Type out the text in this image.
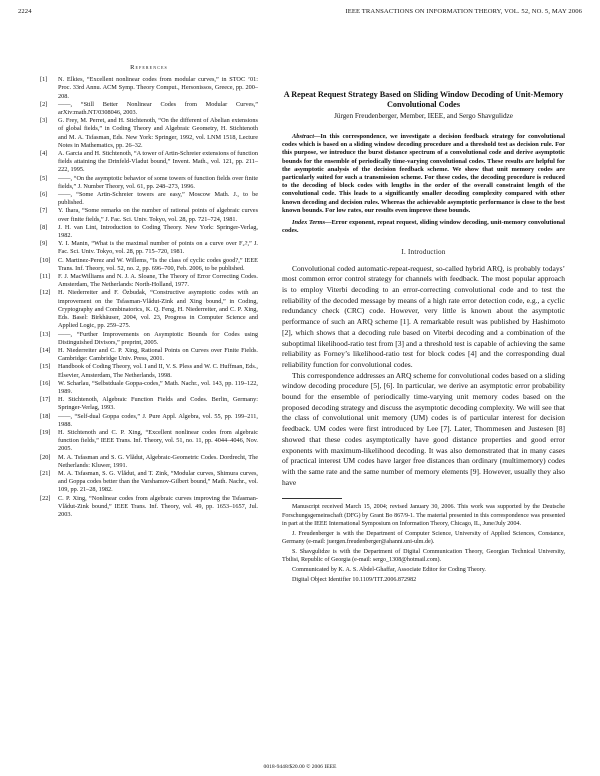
2224	IEEE TRANSACTIONS ON INFORMATION THEORY, VOL. 52, NO. 5, MAY 2006
References

[1] N. Elkies, “Excellent nonlinear codes from modular curves,” in STOC ’01: Proc. 33rd Annu. ACM Symp. Theory Comput., Hersonissos, Greece, pp. 200–208.

[2] ——, “Still Better Nonlinear Codes from Modular Curves,” arXiv:math.NT/0308046, 2003.

[3] G. Frey, M. Perret, and H. Stichtenoth, “On the different of Abelian extensions of global fields,” in Coding Theory and Algebraic Geometry, H. Stichtenoth and M. A. Tsfasman, Eds. New York: Springer, 1992, vol. LNM 1518, Lecture Notes in Mathematics, pp. 26–32.

[4] A. Garcia and H. Stichtenoth, “A tower of Artin-Schreier extensions of function fields attaining the Drinfeld-Vladut bound,” Invent. Math., vol. 121, pp. 211–222, 1995.

[5] ——, “On the asymptotic behavior of some towers of function fields over finite fields,” J. Number Theory, vol. 61, pp. 248–273, 1996.

[6] ——, “Some Artin-Schreier towers are easy,” Moscow Math. J., to be published.

[7] Y. Ihara, “Some remarks on the number of rational points of algebraic curves over finite fields,” J. Fac. Sci. Univ. Tokyo, vol. 28, pp. 721–724, 1981.

[8] J. H. van Lint, Introduction to Coding Theory. New York: Springer-Verlag, 1982.

[9] Y. I. Manin, “What is the maximal number of points on a curve over F₂?,” J. Fac. Sci. Univ. Tokyo, vol. 28, pp. 715–720, 1981.

[10] C. Martinez-Perez and W. Willems, “Is the class of cyclic codes good?,” IEEE Trans. Inf. Theory, vol. 52, no. 2, pp. 696–700, Feb. 2006, to be published.

[11] F. J. MacWilliams and N. J. A. Sloane, The Theory of Error Correcting Codes. Amsterdam, The Netherlands: North-Holland, 1977.

[12] H. Niederreiter and F. Özbudak, “Constructive asymptotic codes with an improvement on the Tsfasman-Vlădut-Zink and Xing bound,” in Coding, Cryptography and Combinatorics, K. Q. Feng, H. Niederreiter, and C. P. Xing, Eds. Basel: Birkhäuser, 2004, vol. 23, Progress in Computer Science and Applied Logic, pp. 259–275.

[13] ——, “Further Improvements on Asymptotic Bounds for Codes using Distinguished Divisors,” preprint, 2005.

[14] H. Niederreiter and C. P. Xing, Rational Points on Curves over Finite Fields. Cambridge: Cambridge Univ. Press, 2001.

[15] Handbook of Coding Theory, vol. I and II, V. S. Pless and W. C. Huffman, Eds., Elsevier, Amsterdam, The Netherlands, 1998.

[16] W. Scharlau, “Selbstduale Goppa-codes,” Math. Nachr., vol. 143, pp. 119–122, 1989.

[17] H. Stichtenoth, Algebraic Function Fields and Codes. Berlin, Germany: Springer-Verlag, 1993.

[18] ——, “Self-dual Goppa codes,” J. Pure Appl. Algebra, vol. 55, pp. 199–211, 1988.

[19] H. Stichtenoth and C. P. Xing, “Excellent nonlinear codes from algebraic function fields,” IEEE Trans. Inf. Theory, vol. 51, no. 11, pp. 4044–4046, Nov. 2005.

[20] M. A. Tsfasman and S. G. Vlădut, Algebraic-Geometric Codes. Dordrecht, The Netherlands: Kluwer, 1991.

[21] M. A. Tsfasman, S. G. Vlădut, and T. Zink, “Modular curves, Shimura curves, and Goppa codes better than the Varshamov-Gilbert bound,” Math. Nachr., vol. 109, pp. 21–28, 1982.

[22] C. P. Xing, “Nonlinear codes from algebraic curves improving the Tsfasman-Vlădut-Zink bound,” IEEE Trans. Inf. Theory, vol. 49, pp. 1653–1657, Jul. 2003.

A Repeat Request Strategy Based on Sliding Window Decoding of Unit-Memory Convolutional Codes

Jürgen Freudenberger, Member, IEEE, and Sergo Shavgulidze

Abstract—In this correspondence, we investigate a decision feedback strategy for convolutional codes which is based on a sliding window decoding procedure and a threshold test as decision rule. For this purpose, we introduce the burst distance spectrum of a convolutional code and derive asymptotic bounds for the ensemble of periodically time-varying convolutional codes. These results are helpful for the asymptotic analysis of the decision feedback scheme. We show that unit memory codes are particularly suited for such a transmission scheme. For these codes, the decoding procedure is reduced to the decoding of block codes with lengths in the order of the overall constraint length of the convolutional code. This leads to a significantly smaller decoding complexity compared with other known decoding and decision rules. Whereas the achievable asymptotic performance is close to the best known bounds. For low rates, our results even improve these bounds.

Index Terms—Error exponent, repeat request, sliding window decoding, unit-memory convolutional codes.

I. Introduction

Convolutional coded automatic-repeat-request, so-called hybrid ARQ, is probably todays’ most common error control strategy for channels with feedback. The most popular approach is to employ Viterbi decoding to an error-correcting convolutional code and to test the reliability of the decoded message by means of a high rate error detection code, e.g., a cyclic redundancy check (CRC) code. However, very little is known about the asymptotic performance of such an ARQ scheme [1]. A remarkable result was published by Hashimoto [2], which shows that a decoding rule based on Viterbi decoding and a combination of the suboptimal likelihood-ratio test from [3] and a threshold test is capable of achieving the same reliability as Forney’s likelihood-ratio test for block codes [4] and the corresponding dual reliability function for convolutional codes.

This correspondence addresses an ARQ scheme for convolutional codes based on a sliding window decoding procedure [5], [6]. In particular, we derive an asymptotic error probability bound for the ensemble of periodically time-varying unit memory codes based on the proposed decoding strategy and discuss the asymptotic decoding complexity. We will see that the class of convolutional unit memory (UM) codes is of particular interest for decision feedback. UM codes were first introduced by Lee [7]. Later, Thommesen and Justesen [8] showed that these codes asymptotically have good distance properties and good error exponents with maximum-likelihood decoding. It was also demonstrated that in many cases of practical interest UM codes have larger free distances than ordinary (multimemory) codes with the same rate and the same number of memory elements [9]. However, usually they also have

Manuscript received March 15, 2004; revised January 30, 2006. This work was supported by the Deutsche Forschungsgemeinschaft (DFG) by Grant Bo 867/9-1. The material presented in this correspondence was presented in part at the IEEE International Symposium on Information Theory, Chicago, IL, June/July 2004.

J. Freudenberger is with the Department of Computer Science, University of Applied Sciences, Constance, Germany (e-mail: juergen.freudenberger@ahanni.uni-ulm.de).

S. Shavgulidze is with the Department of Digital Communication Theory, Georgian Technical University, Tbilisi, Republic of Georgia (e-mail: sergo_1308@hotmail.com).

Communicated by K. A. S. Abdel-Ghaffar, Associate Editor for Coding Theory.

Digital Object Identifier 10.1109/TIT.2006.872982

0018-9448/$20.00 © 2006 IEEE
